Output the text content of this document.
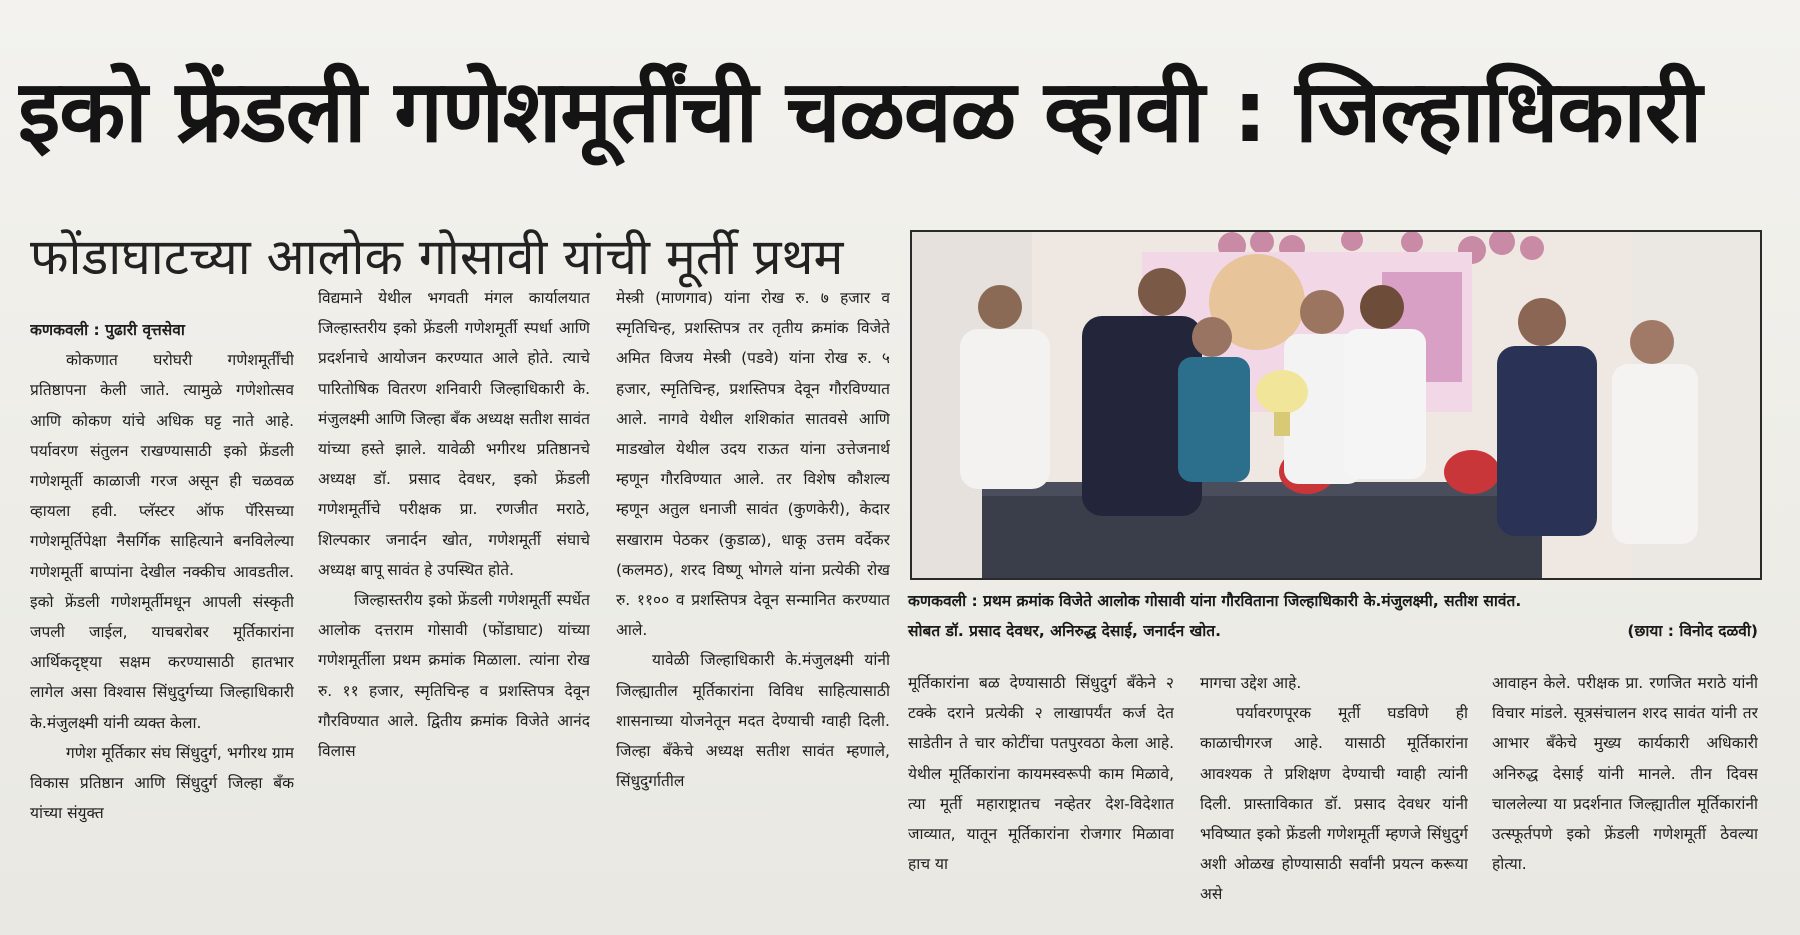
इको फ्रेंडली गणेशमूर्तींची चळवळ व्हावी : जिल्हाधिकारी
फोंडाघाटच्या आलोक गोसावी यांची मूर्ती प्रथम
कणकवली : प्रथम क्रमांक विजेते आलोक गोसावी यांना गौरविताना जिल्हाधिकारी के.मंजुलक्ष्मी, सतीश सावंत.
सोबत डॉ. प्रसाद देवधर, अनिरुद्ध देसाई, जनार्दन खोत.	(छाया : विनोद दळवी)

कणकवली : पुढारी वृत्तसेवा

कोकणात घरोघरी गणेशमूर्तींची प्रतिष्ठापना केली जाते. त्यामुळे गणेशोत्सव आणि कोकण यांचे अधिक घट्ट नाते आहे. पर्यावरण संतुलन राखण्यासाठी इको फ्रेंडली गणेशमूर्ती काळाजी गरज असून ही चळवळ व्हायला हवी. प्लॅस्टर ऑफ पॅरिसच्या गणेशमूर्तिपेक्षा नैसर्गिक साहित्याने बनविलेल्या गणेशमूर्ती बाप्पांना देखील नक्कीच आवडतील. इको फ्रेंडली गणेशमूर्तीमधून आपली संस्कृती जपली जाईल, याचबरोबर मूर्तिकारांना आर्थिकदृष्ट्या सक्षम करण्यासाठी हातभार लागेल असा विश्वास सिंधुदुर्गच्या जिल्हाधिकारी के.मंजुलक्ष्मी यांनी व्यक्त केला.

गणेश मूर्तिकार संघ सिंधुदुर्ग, भगीरथ ग्राम विकास प्रतिष्ठान आणि सिंधुदुर्ग जिल्हा बँक यांच्या संयुक्त

विद्यमाने येथील भगवती मंगल कार्यालयात जिल्हास्तरीय इको फ्रेंडली गणेशमूर्ती स्पर्धा आणि प्रदर्शनाचे आयोजन करण्यात आले होते. त्याचे पारितोषिक वितरण शनिवारी जिल्हाधिकारी के. मंजुलक्ष्मी आणि जिल्हा बँक अध्यक्ष सतीश सावंत यांच्या हस्ते झाले. यावेळी भगीरथ प्रतिष्ठानचे अध्यक्ष डॉ. प्रसाद देवधर, इको फ्रेंडली गणेशमूर्तीचे परीक्षक प्रा. रणजीत मराठे, शिल्पकार जनार्दन खोत, गणेशमूर्ती संघाचे अध्यक्ष बापू सावंत हे उपस्थित होते.

जिल्हास्तरीय इको फ्रेंडली गणेशमूर्ती स्पर्धेत आलोक दत्तराम गोसावी (फोंडाघाट) यांच्या गणेशमूर्तीला प्रथम क्रमांक मिळाला. त्यांना रोख रु. ११ हजार, स्मृतिचिन्ह व प्रशस्तिपत्र देवून गौरविण्यात आले. द्वितीय क्रमांक विजेते आनंद विलास

मेस्त्री (माणगाव) यांना रोख रु. ७ हजार व स्मृतिचिन्ह, प्रशस्तिपत्र तर तृतीय क्रमांक विजेते अमित विजय मेस्त्री (पडवे) यांना रोख रु. ५ हजार, स्मृतिचिन्ह, प्रशस्तिपत्र देवून गौरविण्यात आले. नागवे येथील शशिकांत सातवसे आणि माडखोल येथील उदय राऊत यांना उत्तेजनार्थ म्हणून गौरविण्यात आले. तर विशेष कौशल्य म्हणून अतुल धनाजी सावंत (कुणकेरी), केदार सखाराम पेठकर (कुडाळ), धाकू उत्तम वर्देकर (कलमठ), शरद विष्णू भोगले यांना प्रत्येकी रोख रु. ११०० व प्रशस्तिपत्र देवून सन्मानित करण्यात आले.

यावेळी जिल्हाधिकारी के.मंजुलक्ष्मी यांनी जिल्ह्यातील मूर्तिकारांना विविध साहित्यासाठी शासनाच्या योजनेतून मदत देण्याची ग्वाही दिली. जिल्हा बँकेचे अध्यक्ष सतीश सावंत म्हणाले, सिंधुदुर्गातील

मूर्तिकारांना बळ देण्यासाठी सिंधुदुर्ग बँकेने २ टक्के दराने प्रत्येकी २ लाखापर्यंत कर्ज देत साडेतीन ते चार कोटींचा पतपुरवठा केला आहे. येथील मूर्तिकारांना कायमस्वरूपी काम मिळावे, त्या मूर्ती महाराष्ट्रातच नव्हेतर देश-विदेशात जाव्यात, यातून मूर्तिकारांना रोजगार मिळावा हाच या

मागचा उद्देश आहे.

पर्यावरणपूरक मूर्ती घडविणे ही काळाचीगरज आहे. यासाठी मूर्तिकारांना आवश्यक ते प्रशिक्षण देण्याची ग्वाही त्यांनी दिली. प्रास्ताविकात डॉ. प्रसाद देवधर यांनी भविष्यात इको फ्रेंडली गणेशमूर्ती म्हणजे सिंधुदुर्ग अशी ओळख होण्यासाठी सर्वांनी प्रयत्न करूया असे

आवाहन केले. परीक्षक प्रा. रणजित मराठे यांनी विचार मांडले. सूत्रसंचालन शरद सावंत यांनी तर आभार बँकेचे मुख्य कार्यकारी अधिकारी अनिरुद्ध देसाई यांनी मानले. तीन दिवस चाललेल्या या प्रदर्शनात जिल्ह्यातील मूर्तिकारांनी उत्स्फूर्तपणे इको फ्रेंडली गणेशमूर्ती ठेवल्या होत्या.
